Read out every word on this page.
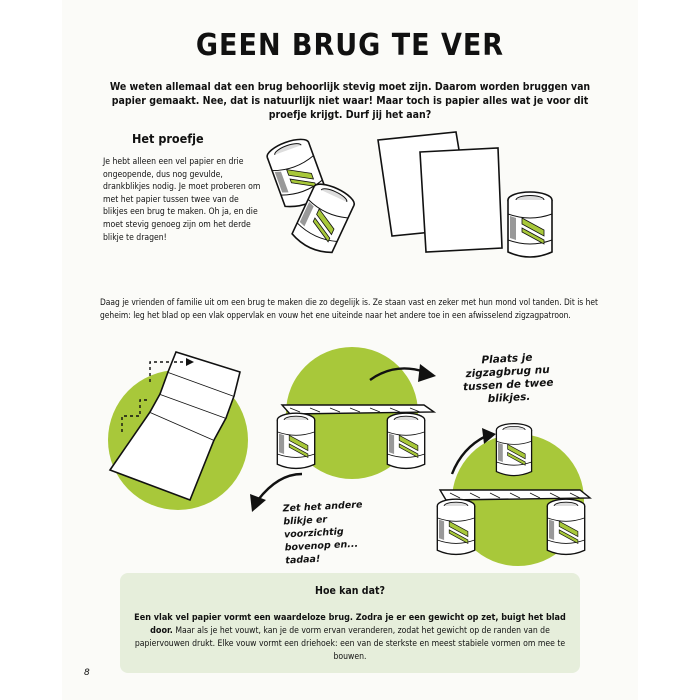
GEEN BRUG TE VER
We weten allemaal dat een brug behoorlijk stevig moet zijn. Daarom worden bruggen van papier gemaakt. Nee, dat is natuurlijk niet waar! Maar toch is papier alles wat je voor dit proefje krijgt. Durf jij het aan?
Het proefje
Je hebt alleen een vel papier en drie ongeopende, dus nog gevulde, drankblikjes nodig. Je moet proberen om met het papier tussen twee van de blikjes een brug te maken. Oh ja, en die moet stevig genoeg zijn om het derde blikje te dragen!
Daag je vrienden of familie uit om een brug te maken die zo degelijk is. Ze staan vast en zeker met hun mond vol tanden. Dit is het geheim: leg het blad op een vlak oppervlak en vouw het ene uiteinde naar het andere toe in een afwisselend zigzagpatroon.
Plaats je zigzagbrug nu tussen de twee blikjes.
Zet het andere blikje er voorzichtig bovenop en... tadaa!
Hoe kan dat?
Een vlak vel papier vormt een waardeloze brug. Zodra je er een gewicht op zet, buigt het blad door. Maar als je het vouwt, kan je de vorm ervan veranderen, zodat het gewicht op de randen van de papiervouwen drukt. Elke vouw vormt een driehoek: een van de sterkste en meest stabiele vormen om mee te bouwen.
8
